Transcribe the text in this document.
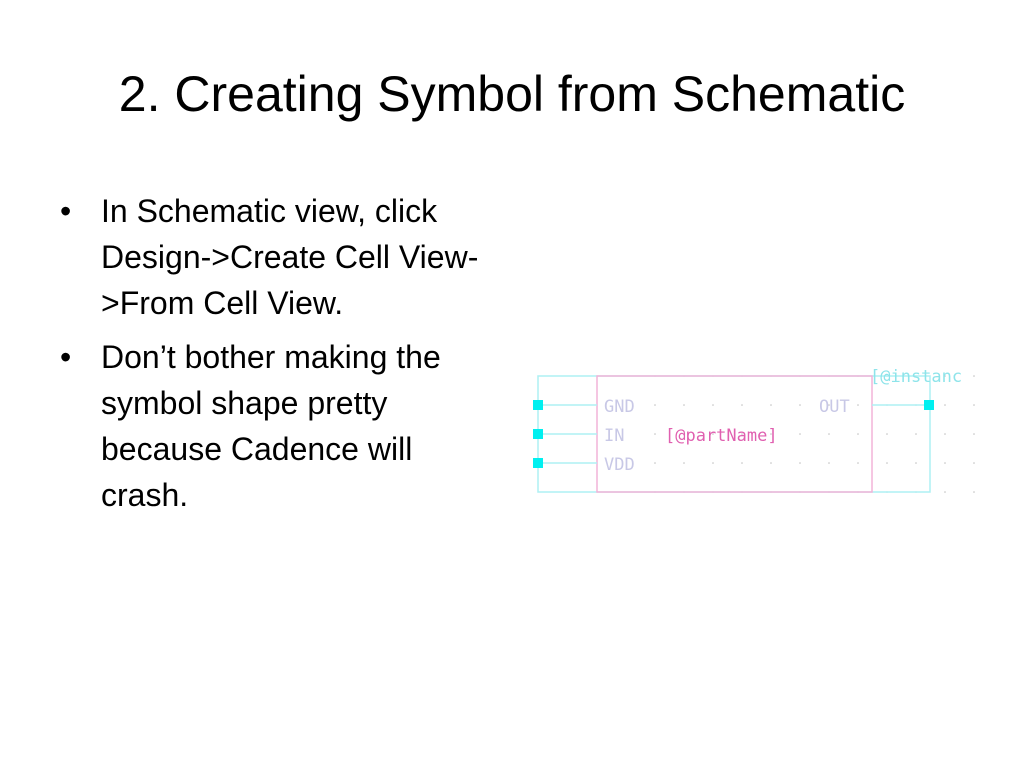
2. Creating Symbol from Schematic
• In Schematic view, click Design->Create Cell View->From Cell View.
• Don’t bother making the symbol shape pretty because Cadence will crash.
GND
IN
VDD
OUT
[@partName]
[@instanc
